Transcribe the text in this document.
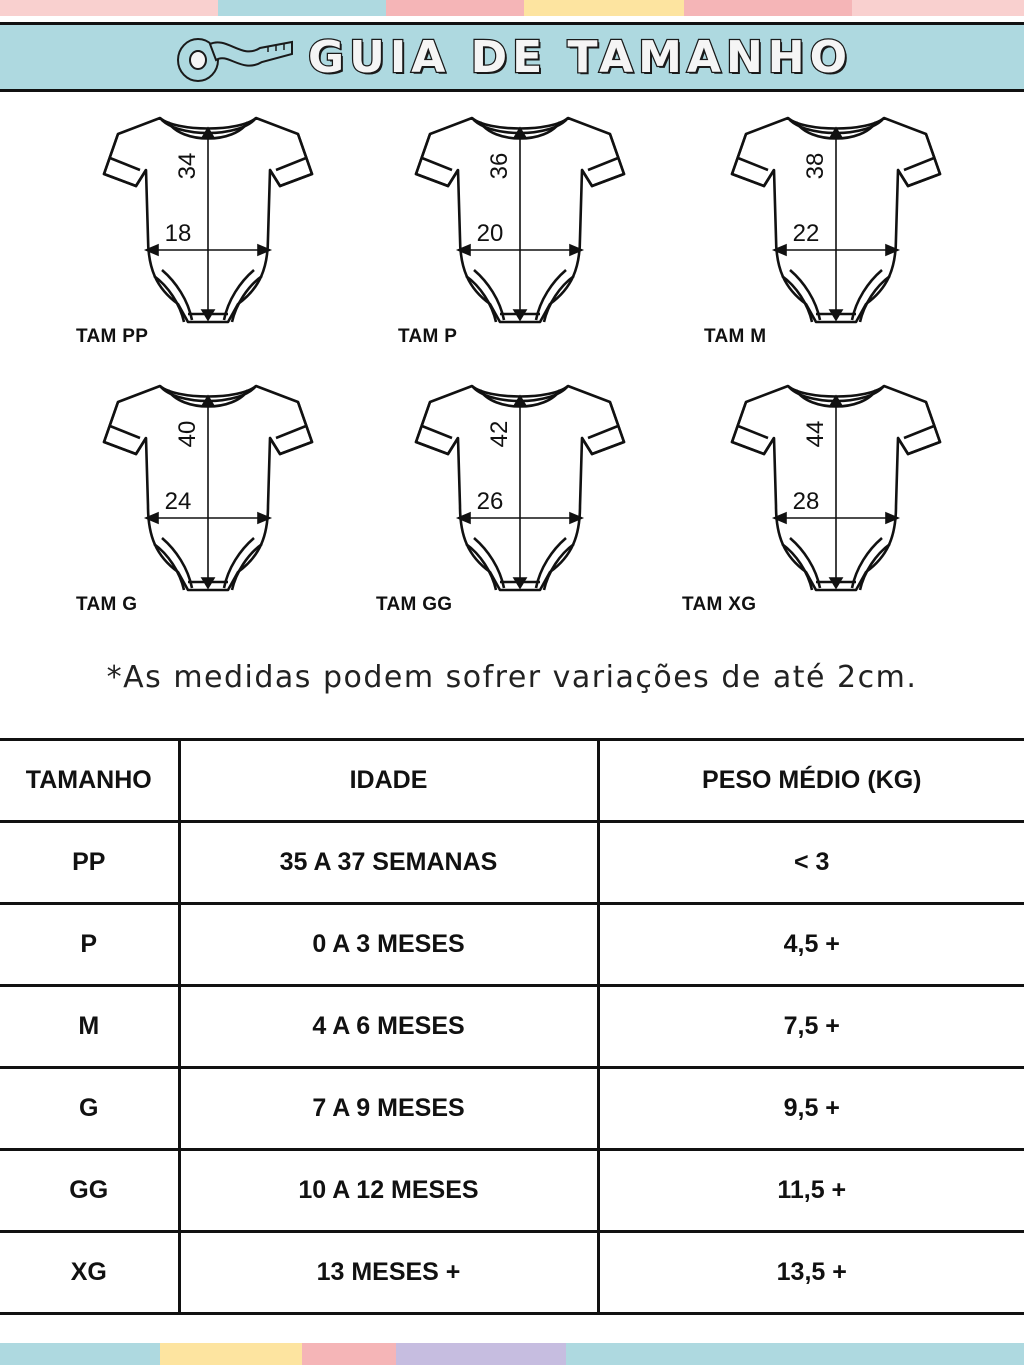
GUIA DE TAMANHO
34
18
TAM PP
36
20
TAM P
38
22
TAM M
40
24
TAM G
42
26
TAM GG
44
28
TAM XG
*As medidas podem sofrer variações de até 2cm.
TAMANHO	IDADE	PESO MÉDIO (KG)
PP	35 A 37 SEMANAS	< 3
P	0 A 3 MESES	4,5 +
M	4 A 6 MESES	7,5 +
G	7 A 9 MESES	9,5 +
GG	10 A 12 MESES	11,5 +
XG	13 MESES +	13,5 +
